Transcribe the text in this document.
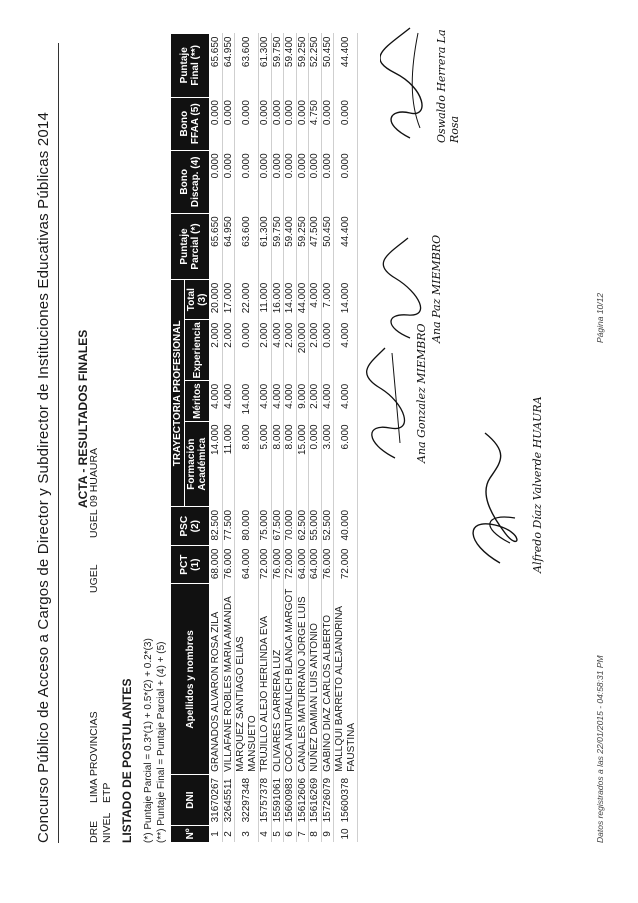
Concurso Público de Acceso a Cargos de Director y Subdirector de Instituciones Educativas Públicas 2014 ACTA - RESULTADOS FINALES
DRE
LIMA PROVINCIAS
NIVEL
ETP
UGEL
UGEL 09 HUAURA
LISTADO DE POSTULANTES (*) Puntaje Parcial = 0.3*(1) + 0.5*(2) + 0.2*(3) (**) Puntaje Final = Puntaje Parcial + (4) + (5) Nº	DNI	Apellidos y nombres	PCT (1)	PSC (2)	TRAYECTORIA PROFESIONAL				Puntaje Parcial (*)	Bono Discap. (4)	Bono FFAA (5)	Puntaje Final (**)
					Formación Académica	Méritos	Experiencia	Total (3)				
1	31670267	GRANADOS ALVARON ROSA ZILA	68.000	82.500	14.000	4.000	2.000	20.000	65.650	0.000	0.000	65.650
2	32645511	VILLAFANE ROBLES MARIA AMANDA	76.000	77.500	11.000	4.000	2.000	17.000	64.950	0.000	0.000	64.950
3	32297348	MARQUEZ SANTIAGO ELIAS MANSUETO	64.000	80.000	8.000	14.000	0.000	22.000	63.600	0.000	0.000	63.600
4	15757378	TRUJILLO ALEJO HERLINDA EVA	72.000	75.000	5.000	4.000	2.000	11.000	61.300	0.000	0.000	61.300
5	15591061	OLIVARES CARRERA LUZ	76.000	67.500	8.000	4.000	4.000	16.000	59.750	0.000	0.000	59.750
6	15600983	COCA NATURALICH BLANCA MARGOT	72.000	70.000	8.000	4.000	2.000	14.000	59.400	0.000	0.000	59.400
7	15612606	CANALES MATURRANO JORGE LUIS	64.000	62.500	15.000	9.000	20.000	44.000	59.250	0.000	0.000	59.250
8	15616269	NUÑEZ DAMIAN LUIS ANTONIO	64.000	55.000	0.000	2.000	2.000	4.000	47.500	0.000	4.750	52.250
9	15726079	GABINO DIAZ CARLOS ALBERTO	76.000	52.500	3.000	4.000	0.000	7.000	50.450	0.000	0.000	50.450
10	15600378	MALLQUI BARRETO ALEJANDRINA FAUSTINA	72.000	40.000	6.000	4.000	4.000	14.000	44.400	0.000	0.000	44.400
Alfredo Díaz Valverde HUAURA
Ana Gonzalez MIEMBRO
Ana Paz MIEMBRO
Oswaldo Herrera La Rosa
Datos registrados a las 22/01/2015 - 04:58:31 PM
Página 10/12
